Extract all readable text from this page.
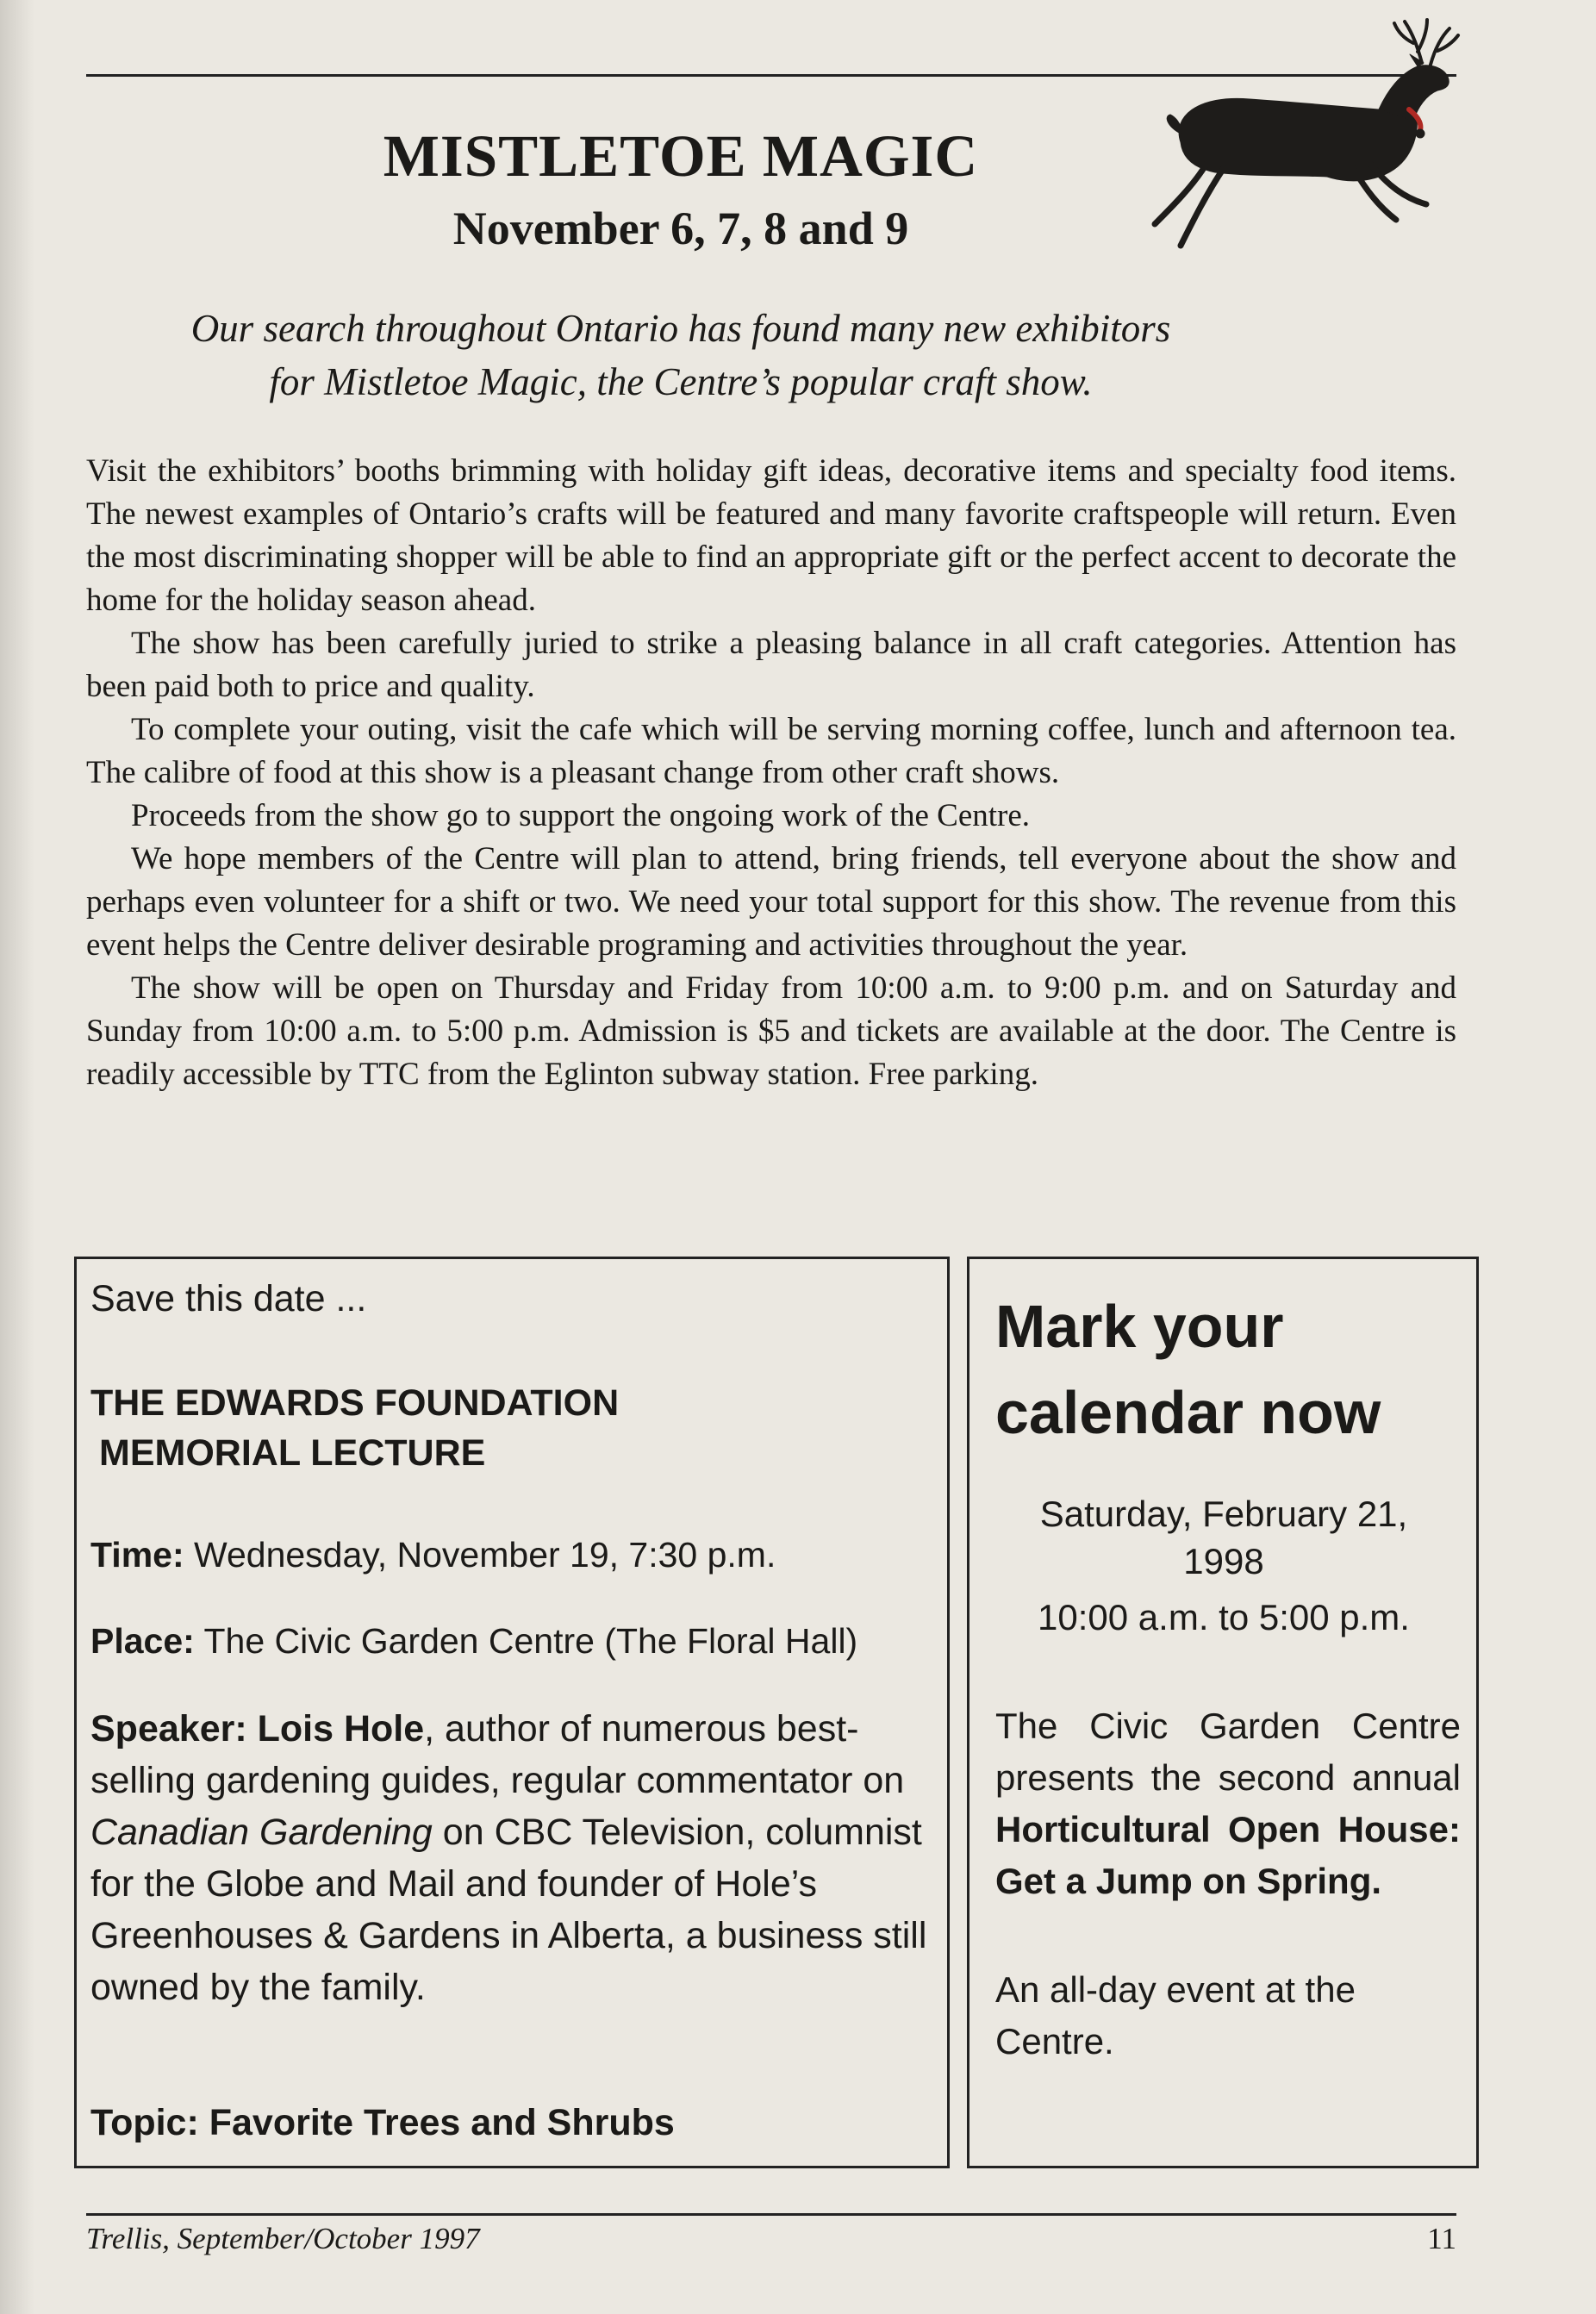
MISTLETOE MAGIC
November 6, 7, 8 and 9
Our search throughout Ontario has found many new exhibitors
for Mistletoe Magic, the Centre’s popular craft show.

Visit the exhibitors’ booths brimming with holiday gift ideas, decorative items and specialty food items. The newest examples of Ontario’s crafts will be featured and many favorite craftspeople will return. Even the most discriminating shopper will be able to find an appropriate gift or the perfect accent to decorate the home for the holiday season ahead.

The show has been carefully juried to strike a pleasing balance in all craft categories. Attention has been paid both to price and quality.

To complete your outing, visit the cafe which will be serving morning coffee, lunch and afternoon tea. The calibre of food at this show is a pleasant change from other craft shows.

Proceeds from the show go to support the ongoing work of the Centre.

We hope members of the Centre will plan to attend, bring friends, tell everyone about the show and perhaps even volunteer for a shift or two. We need your total support for this show. The revenue from this event helps the Centre deliver desirable programing and activities throughout the year.

The show will be open on Thursday and Friday from 10:00 a.m. to 9:00 p.m. and on Saturday and Sunday from 10:00 a.m. to 5:00 p.m. Admission is $5 and tickets are available at the door. The Centre is readily accessible by TTC from the Eglinton subway station. Free parking.

Save this date ...
THE EDWARDS FOUNDATION
MEMORIAL LECTURE
Time: Wednesday, November 19, 7:30 p.m.
Place: The Civic Garden Centre (The Floral Hall)
Speaker: Lois Hole, author of numerous best-selling gardening guides, regular commentator on Canadian Gardening on CBC Television, columnist for the Globe and Mail and founder of Hole’s Greenhouses & Gardens in Alberta, a business still owned by the family.
Topic: Favorite Trees and Shrubs
Mark your
calendar now
Saturday, February 21,
1998
10:00 a.m. to 5:00 p.m.
The Civic Garden Centre presents the second annual Horticultural Open House: Get a Jump on Spring.
An all-day event at the Centre.
Trellis, September/October 1997	11
